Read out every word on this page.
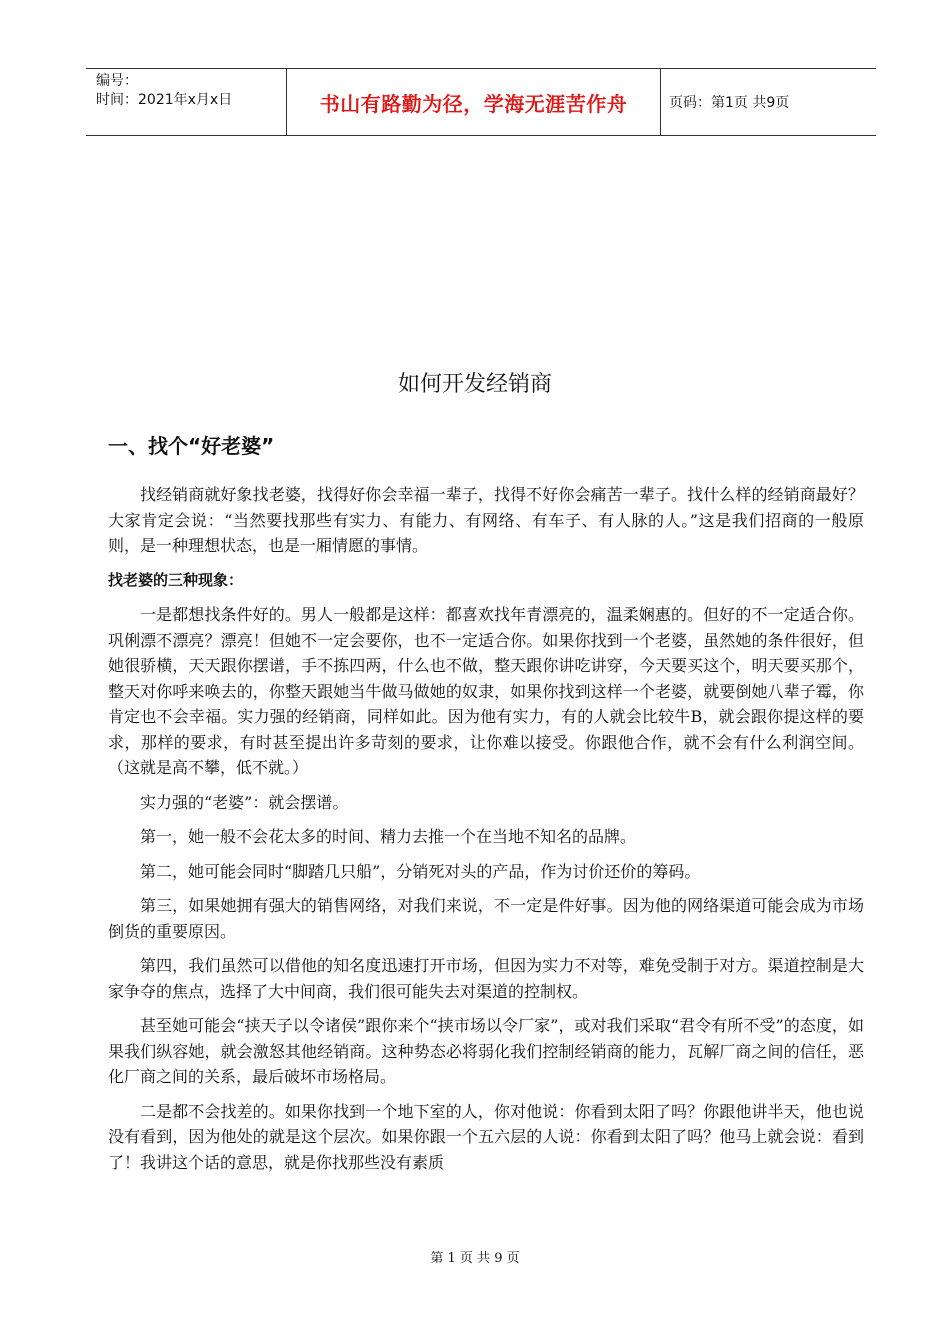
编号：
时间：2021年x月x日	书山有路勤为径，学海无涯苦作舟	页码：第1页 共9页
如何开发经销商
一、找个“好老婆”

找经销商就好象找老婆，找得好你会幸福一辈子，找得不好你会痛苦一辈子。找什么样的经销商最好？大家肯定会说：“当然要找那些有实力、有能力、有网络、有车子、有人脉的人。”这是我们招商的一般原则，是一种理想状态，也是一厢情愿的事情。

找老婆的三种现象：

一是都想找条件好的。男人一般都是这样：都喜欢找年青漂亮的，温柔娴惠的。但好的不一定适合你。巩俐漂不漂亮？漂亮！但她不一定会要你，也不一定适合你。如果你找到一个老婆，虽然她的条件很好，但她很骄横，天天跟你摆谱，手不拣四两，什么也不做，整天跟你讲吃讲穿，今天要买这个，明天要买那个，整天对你呼来唤去的，你整天跟她当牛做马做她的奴隶，如果你找到这样一个老婆，就要倒她八辈子霉，你肯定也不会幸福。实力强的经销商，同样如此。因为他有实力，有的人就会比较牛B，就会跟你提这样的要求，那样的要求，有时甚至提出许多苛刻的要求，让你难以接受。你跟他合作，就不会有什么利润空间。（这就是高不攀，低不就。）

实力强的“老婆”：就会摆谱。

第一，她一般不会花太多的时间、精力去推一个在当地不知名的品牌。

第二，她可能会同时“脚踏几只船”，分销死对头的产品，作为讨价还价的筹码。

第三，如果她拥有强大的销售网络，对我们来说，不一定是件好事。因为他的网络渠道可能会成为市场倒货的重要原因。

第四，我们虽然可以借他的知名度迅速打开市场，但因为实力不对等，难免受制于对方。渠道控制是大家争夺的焦点，选择了大中间商，我们很可能失去对渠道的控制权。

甚至她可能会“挟天子以令诸侯”跟你来个“挟市场以令厂家”，或对我们采取“君令有所不受”的态度，如果我们纵容她，就会激怒其他经销商。这种势态必将弱化我们控制经销商的能力，瓦解厂商之间的信任，恶化厂商之间的关系，最后破坏市场格局。

二是都不会找差的。如果你找到一个地下室的人，你对他说：你看到太阳了吗？你跟他讲半天，他也说没有看到，因为他处的就是这个层次。如果你跟一个五六层的人说：你看到太阳了吗？他马上就会说：看到了！我讲这个话的意思，就是你找那些没有素质

第 1 页 共 9 页
